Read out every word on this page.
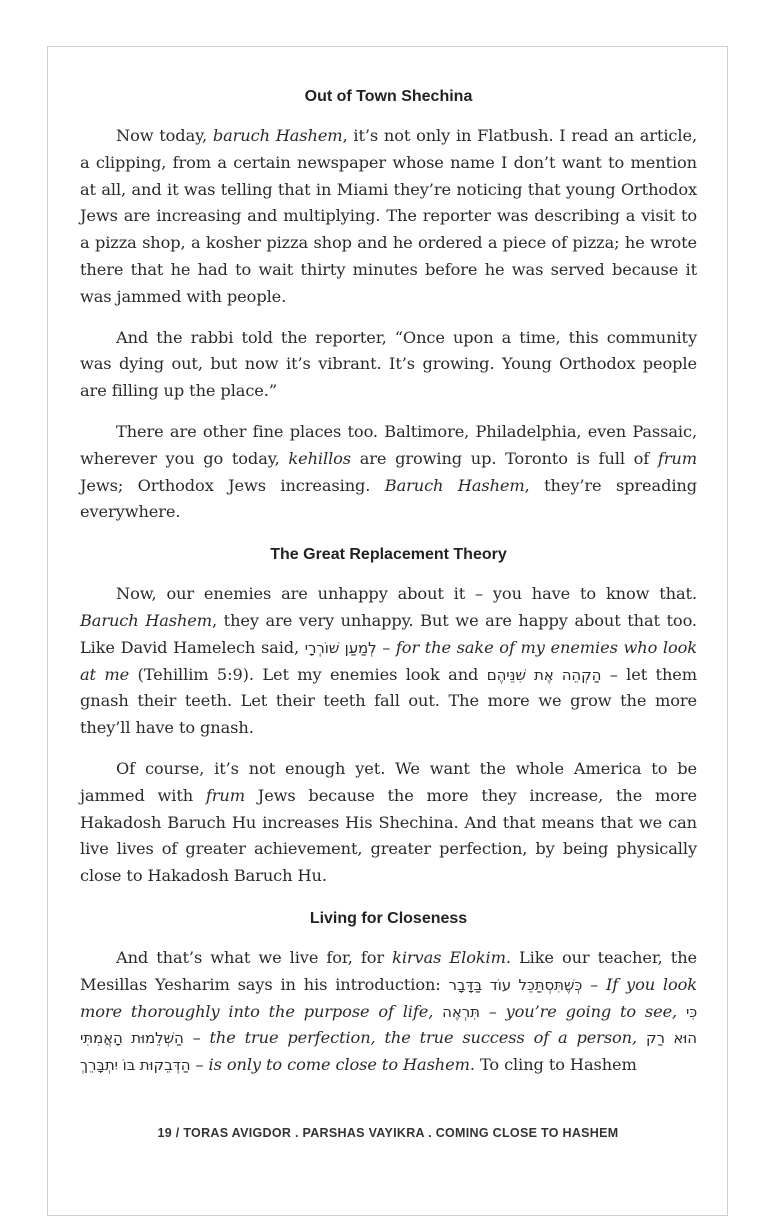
Out of Town Shechina

Now today, baruch Hashem, it’s not only in Flatbush. I read an article, a clipping, from a certain newspaper whose name I don’t want to mention at all, and it was telling that in Miami they’re noticing that young Orthodox Jews are increasing and multiplying. The reporter was describing a visit to a pizza shop, a kosher pizza shop and he ordered a piece of pizza; he wrote there that he had to wait thirty minutes before he was served because it was jammed with people.

And the rabbi told the reporter, “Once upon a time, this community was dying out, but now it’s vibrant. It’s growing. Young Orthodox people are filling up the place.”

There are other fine places too. Baltimore, Philadelphia, even Passaic, wherever you go today, kehillos are growing up. Toronto is full of frum Jews; Orthodox Jews increasing. Baruch Hashem, they’re spreading everywhere.

The Great Replacement Theory

Now, our enemies are unhappy about it – you have to know that. Baruch Hashem, they are very unhappy. But we are happy about that too. Like David Hamelech said, לְמַעַן שׁוֹרְרָי – for the sake of my enemies who look at me (Tehillim 5:9). Let my enemies look and הַקְהֵה אֶת שִׁנֵּיהֶם – let them gnash their teeth. Let their teeth fall out. The more we grow the more they’ll have to gnash.

Of course, it’s not enough yet. We want the whole America to be jammed with frum Jews because the more they increase, the more Hakadosh Baruch Hu increases His Shechina. And that means that we can live lives of greater achievement, greater perfection, by being physically close to Hakadosh Baruch Hu.

Living for Closeness

And that’s what we live for, for kirvas Elokim. Like our teacher, the Mesillas Yesharim says in his introduction: כְּשֶׁתִּסְתַּכֵּל עוֹד בַּדָּבָר – If you look more thoroughly into the purpose of life, תִּרְאֶה – you’re going to see, כִּי הַשְּׁלֵמוּת הָאֲמִתִּי – the true perfection, the true success of a person, הוּא רַק הַדְּבֵקוּת בּוֹ יִתְבָּרֵךְ – is only to come close to Hashem. To cling to Hashem

19 / TORAS AVIGDOR . PARSHAS VAYIKRA . COMING CLOSE TO HASHEM
